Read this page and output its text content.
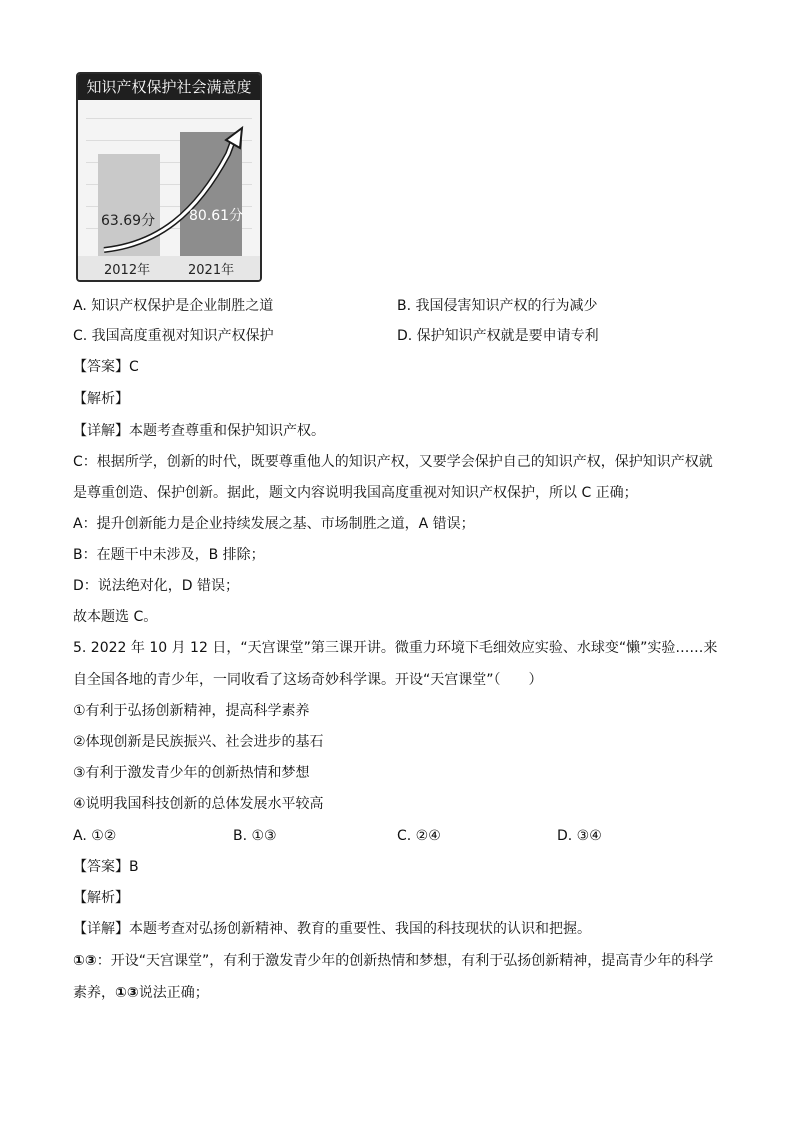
知识产权保护社会满意度
63.69分 80.61分
2012年	2021年
A. 知识产权保护是企业制胜之道	B. 我国侵害知识产权的行为减少
C. 我国高度重视对知识产权保护	D. 保护知识产权就是要申请专利
【答案】C
【解析】
【详解】本题考查尊重和保护知识产权。
C：根据所学，创新的时代，既要尊重他人的知识产权，又要学会保护自己的知识产权，保护知识产权就
是尊重创造、保护创新。据此，题文内容说明我国高度重视对知识产权保护，所以 C 正确；
A：提升创新能力是企业持续发展之基、市场制胜之道，A 错误；
B：在题干中未涉及，B 排除；
D：说法绝对化，D 错误；
故本题选 C。
5. 2022 年 10 月 12 日，“天宫课堂”第三课开讲。微重力环境下毛细效应实验、水球变“懒”实验……来
自全国各地的青少年，一同收看了这场奇妙科学课。开设“天宫课堂”（　　）
①有利于弘扬创新精神，提高科学素养
②体现创新是民族振兴、社会进步的基石
③有利于激发青少年的创新热情和梦想
④说明我国科技创新的总体发展水平较高
A. ①②	B. ①③	C. ②④	D. ③④
【答案】B
【解析】
【详解】本题考查对弘扬创新精神、教育的重要性、我国的科技现状的认识和把握。
①③：开设“天宫课堂”，有利于激发青少年的创新热情和梦想，有利于弘扬创新精神，提高青少年的科学
素养，①③说法正确；
